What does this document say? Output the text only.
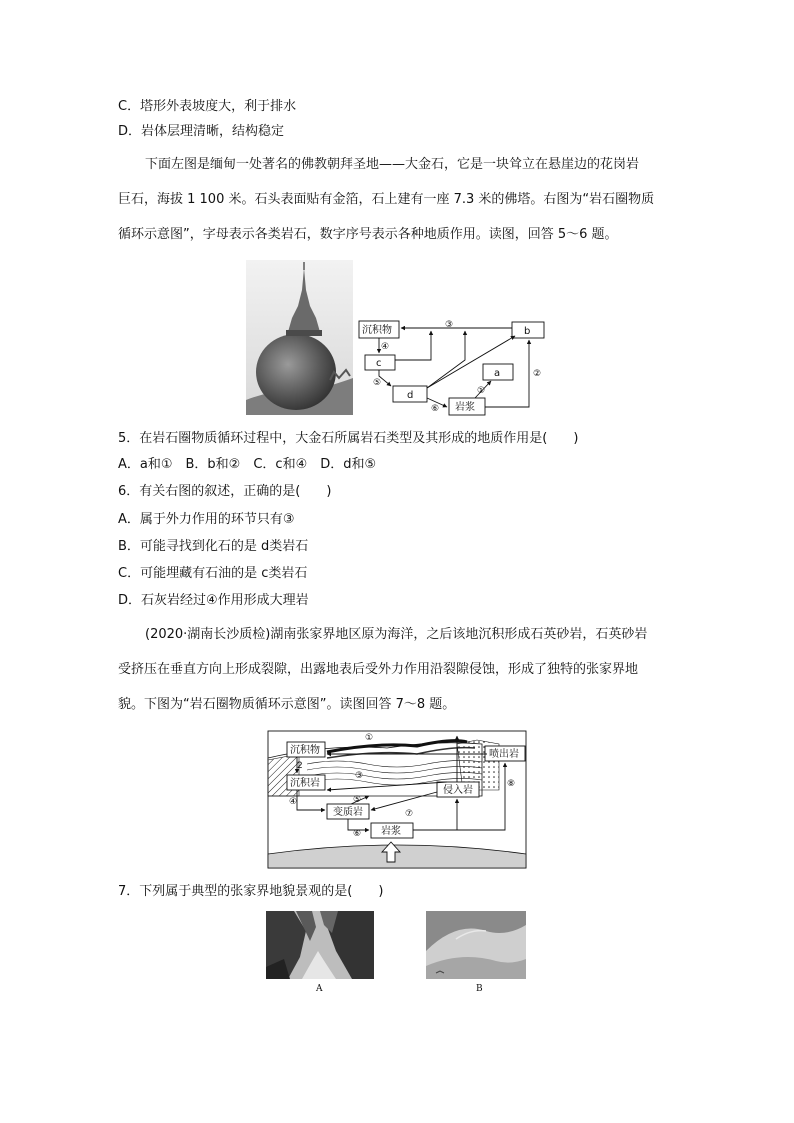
C．塔形外表坡度大，利于排水
D．岩体层理清晰，结构稳定
下面左图是缅甸一处著名的佛教朝拜圣地——大金石，它是一块耸立在悬崖边的花岗岩
巨石，海拔 1 100 米。石头表面贴有金箔，石上建有一座 7.3 米的佛塔。右图为“岩石圈物质
循环示意图”，字母表示各类岩石，数字序号表示各种地质作用。读图，回答 5～6 题。
沉积物
c
d
a
b
岩浆
③
④
⑤
⑥
①
②
5．在岩石圈物质循环过程中，大金石所属岩石类型及其形成的地质作用是(　　)
A．a和①　B．b和②　C．c和④　D．d和⑤
6．有关右图的叙述，正确的是(　　)
A．属于外力作用的环节只有③
B．可能寻找到化石的是 d类岩石
C．可能埋藏有石油的是 c类岩石
D．石灰岩经过④作用形成大理岩
(2020·湖南长沙质检)湖南张家界地区原为海洋，之后该地沉积形成石英砂岩，石英砂岩
受挤压在垂直方向上形成裂隙，出露地表后受外力作用沿裂隙侵蚀，形成了独特的张家界地
貌。下图为“岩石圈物质循环示意图”。读图回答 7～8 题。
沉积物
沉积岩
变质岩
岩浆
侵入岩
喷出岩
①
2
③
④	⑤
⑥
⑦
⑧
7．下列属于典型的张家界地貌景观的是(　　)
A	B
